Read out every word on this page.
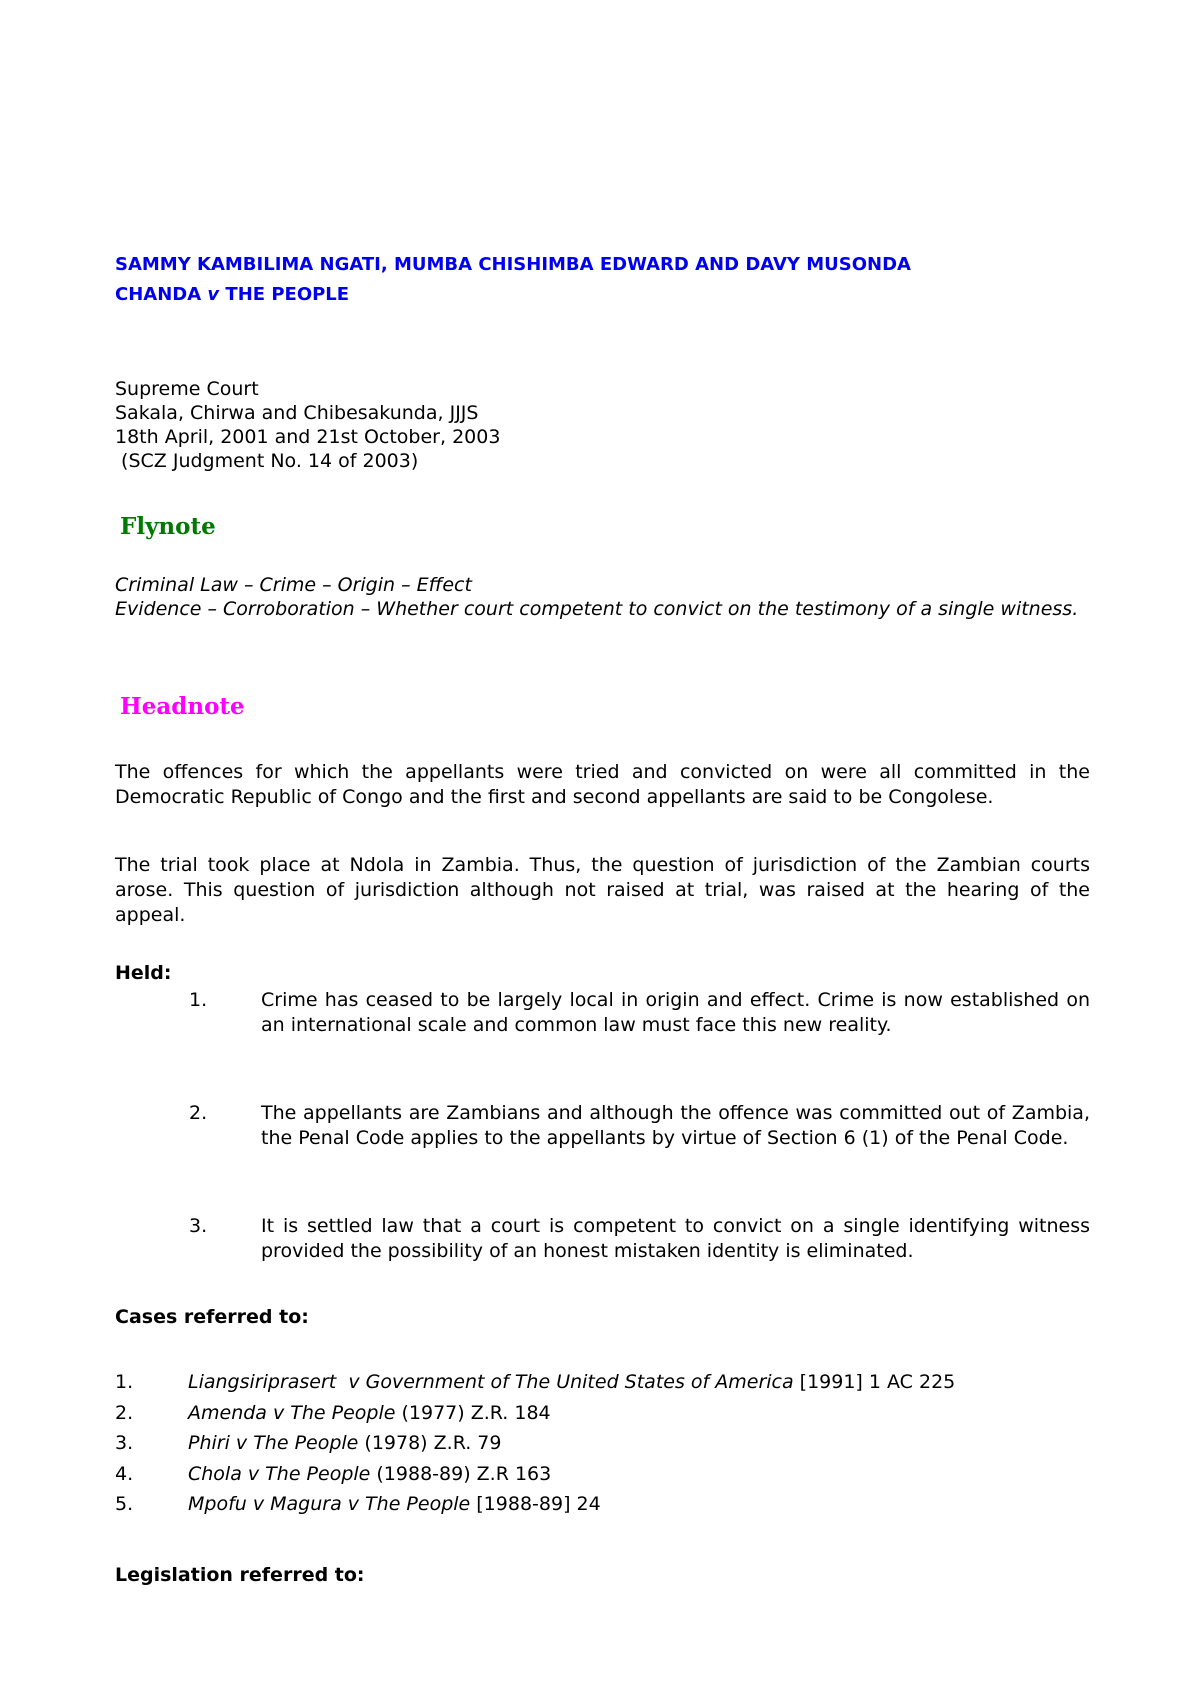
SAMMY KAMBILIMA NGATI, MUMBA CHISHIMBA EDWARD AND DAVY MUSONDA
CHANDA v THE PEOPLE
Supreme Court
Sakala, Chirwa and Chibesakunda, JJJS
18th April, 2001 and 21st October, 2003
(SCZ Judgment No. 14 of 2003)
Flynote
Criminal Law – Crime – Origin – Effect
Evidence – Corroboration – Whether court competent to convict on the testimony of a single witness.
Headnote
The offences for which the appellants were tried and convicted on were all committed in the Democratic Republic of Congo and the first and second appellants are said to be Congolese.
The trial took place at Ndola in Zambia. Thus, the question of jurisdiction of the Zambian courts arose. This question of jurisdiction although not raised at trial, was raised at the hearing of the appeal.
Held:
1.	Crime has ceased to be largely local in origin and effect. Crime is now established on an international scale and common law must face this new reality.
2.	The appellants are Zambians and although the offence was committed out of Zambia, the Penal Code applies to the appellants by virtue of Section 6 (1) of the Penal Code.
3.	It is settled law that a court is competent to convict on a single identifying witness provided the possibility of an honest mistaken identity is eliminated.
Cases referred to:
1.	Liangsiriprasert  v Government of The United States of America [1991] 1 AC 225
2.	Amenda v The People (1977) Z.R. 184
3.	Phiri v The People (1978) Z.R. 79
4.	Chola v The People (1988-89) Z.R 163
5.	Mpofu v Magura v The People [1988-89] 24
Legislation referred to:
